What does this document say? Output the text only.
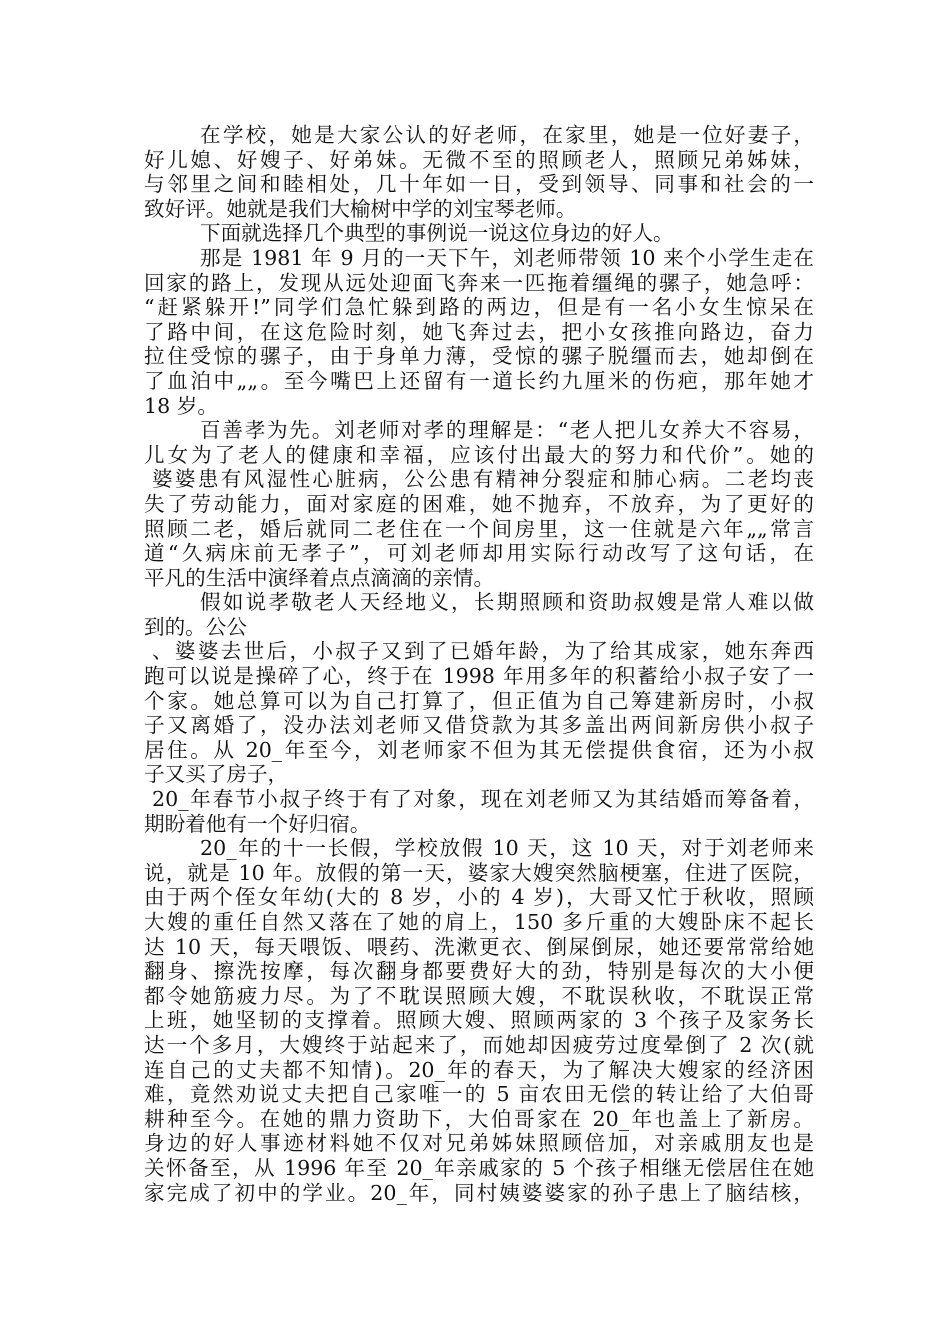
在学校，她是大家公认的好老师，在家里，她是一位好妻子，
好儿媳、好嫂子、好弟妹。无微不至的照顾老人，照顾兄弟姊妹，
与邻里之间和睦相处，几十年如一日，受到领导、同事和社会的一
致好评。她就是我们大榆树中学的刘宝琴老师。
下面就选择几个典型的事例说一说这位身边的好人。
那是 1981 年 9 月的一天下午，刘老师带领 10 来个小学生走在
回家的路上，发现从远处迎面飞奔来一匹拖着缰绳的骡子，她急呼：
“赶紧躲开!”同学们急忙躲到路的两边，但是有一名小女生惊呆在
了路中间，在这危险时刻，她飞奔过去，把小女孩推向路边，奋力
拉住受惊的骡子，由于身单力薄，受惊的骡子脱缰而去，她却倒在
了血泊中„„。至今嘴巴上还留有一道长约九厘米的伤疤，那年她才
18 岁。
百善孝为先。刘老师对孝的理解是：“老人把儿女养大不容易，
儿女为了老人的健康和幸福，应该付出最大的努力和代价”。她的
婆婆患有风湿性心脏病，公公患有精神分裂症和肺心病。二老均丧
失了劳动能力，面对家庭的困难，她不抛弃，不放弃，为了更好的
照顾二老，婚后就同二老住在一个间房里，这一住就是六年„„常言
道“久病床前无孝子”，可刘老师却用实际行动改写了这句话，在
平凡的生活中演绎着点点滴滴的亲情。
假如说孝敬老人天经地义，长期照顾和资助叔嫂是常人难以做
到的。公公
、婆婆去世后，小叔子又到了已婚年龄，为了给其成家，她东奔西
跑可以说是操碎了心，终于在 1998 年用多年的积蓄给小叔子安了一
个家。她总算可以为自己打算了，但正值为自己筹建新房时，小叔
子又离婚了，没办法刘老师又借贷款为其多盖出两间新房供小叔子
居住。从 20_年至今，刘老师家不但为其无偿提供食宿，还为小叔
子又买了房子，
20_年春节小叔子终于有了对象，现在刘老师又为其结婚而筹备着，
期盼着他有一个好归宿。
20_年的十一长假，学校放假 10 天，这 10 天，对于刘老师来
说，就是 10 年。放假的第一天，婆家大嫂突然脑梗塞，住进了医院，
由于两个侄女年幼(大的 8 岁，小的 4 岁)，大哥又忙于秋收，照顾
大嫂的重任自然又落在了她的肩上，150 多斤重的大嫂卧床不起长
达 10 天，每天喂饭、喂药、洗漱更衣、倒屎倒尿，她还要常常给她
翻身、擦洗按摩，每次翻身都要费好大的劲，特别是每次的大小便
都令她筋疲力尽。为了不耽误照顾大嫂，不耽误秋收，不耽误正常
上班，她坚韧的支撑着。照顾大嫂、照顾两家的 3 个孩子及家务长
达一个多月，大嫂终于站起来了，而她却因疲劳过度晕倒了 2 次(就
连自己的丈夫都不知情)。20_年的春天，为了解决大嫂家的经济困
难，竟然劝说丈夫把自己家唯一的 5 亩农田无偿的转让给了大伯哥
耕种至今。在她的鼎力资助下，大伯哥家在 20_年也盖上了新房。
身边的好人事迹材料她不仅对兄弟姊妹照顾倍加，对亲戚朋友也是
关怀备至，从 1996 年至 20_年亲戚家的 5 个孩子相继无偿居住在她
家完成了初中的学业。20_年，同村姨婆婆家的孙子患上了脑结核，
